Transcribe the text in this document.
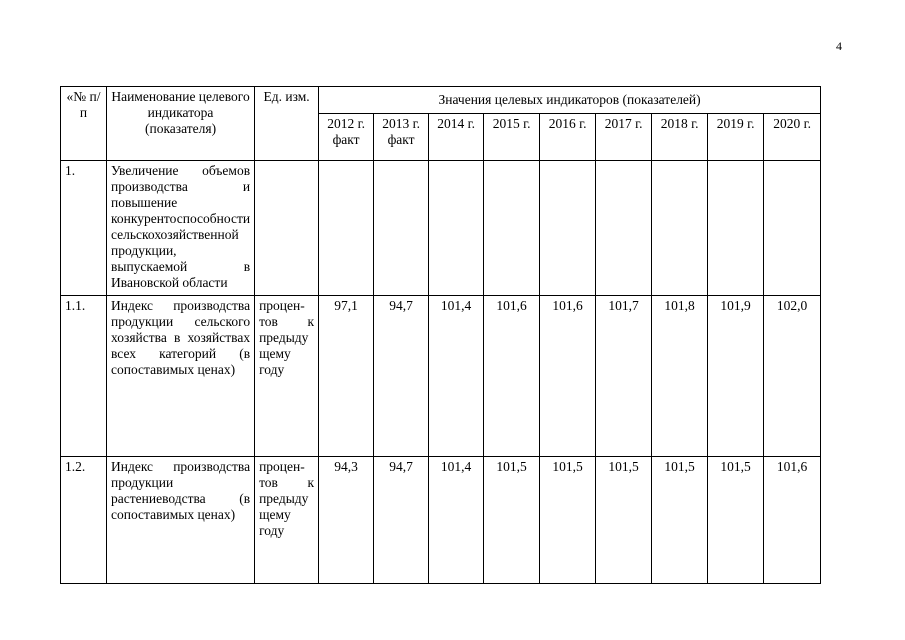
4
«№ п/п	Наименование целевого индикатора (показателя)	Ед. изм.	Значения целевых индикаторов (показателей)								
			2012 г. факт	2013 г. факт	2014 г.	2015 г.	2016 г.	2017 г.	2018 г.	2019 г.	2020 г.
1.	Увеличение объемов производства и повышение конкурентоспособности сельскохозяйственной продукции, выпускаемой в Ивановской области										
1.1.	Индекс производства продукции сельского хозяйства в хозяйствах всех категорий (в сопоставимых ценах)	процен-тов к предыду щему году	97,1	94,7	101,4	101,6	101,6	101,7	101,8	101,9	102,0
1.2.	Индекс производства продукции растениеводства (в сопоставимых ценах)	процен-тов к предыду щему году	94,3	94,7	101,4	101,5	101,5	101,5	101,5	101,5	101,6
